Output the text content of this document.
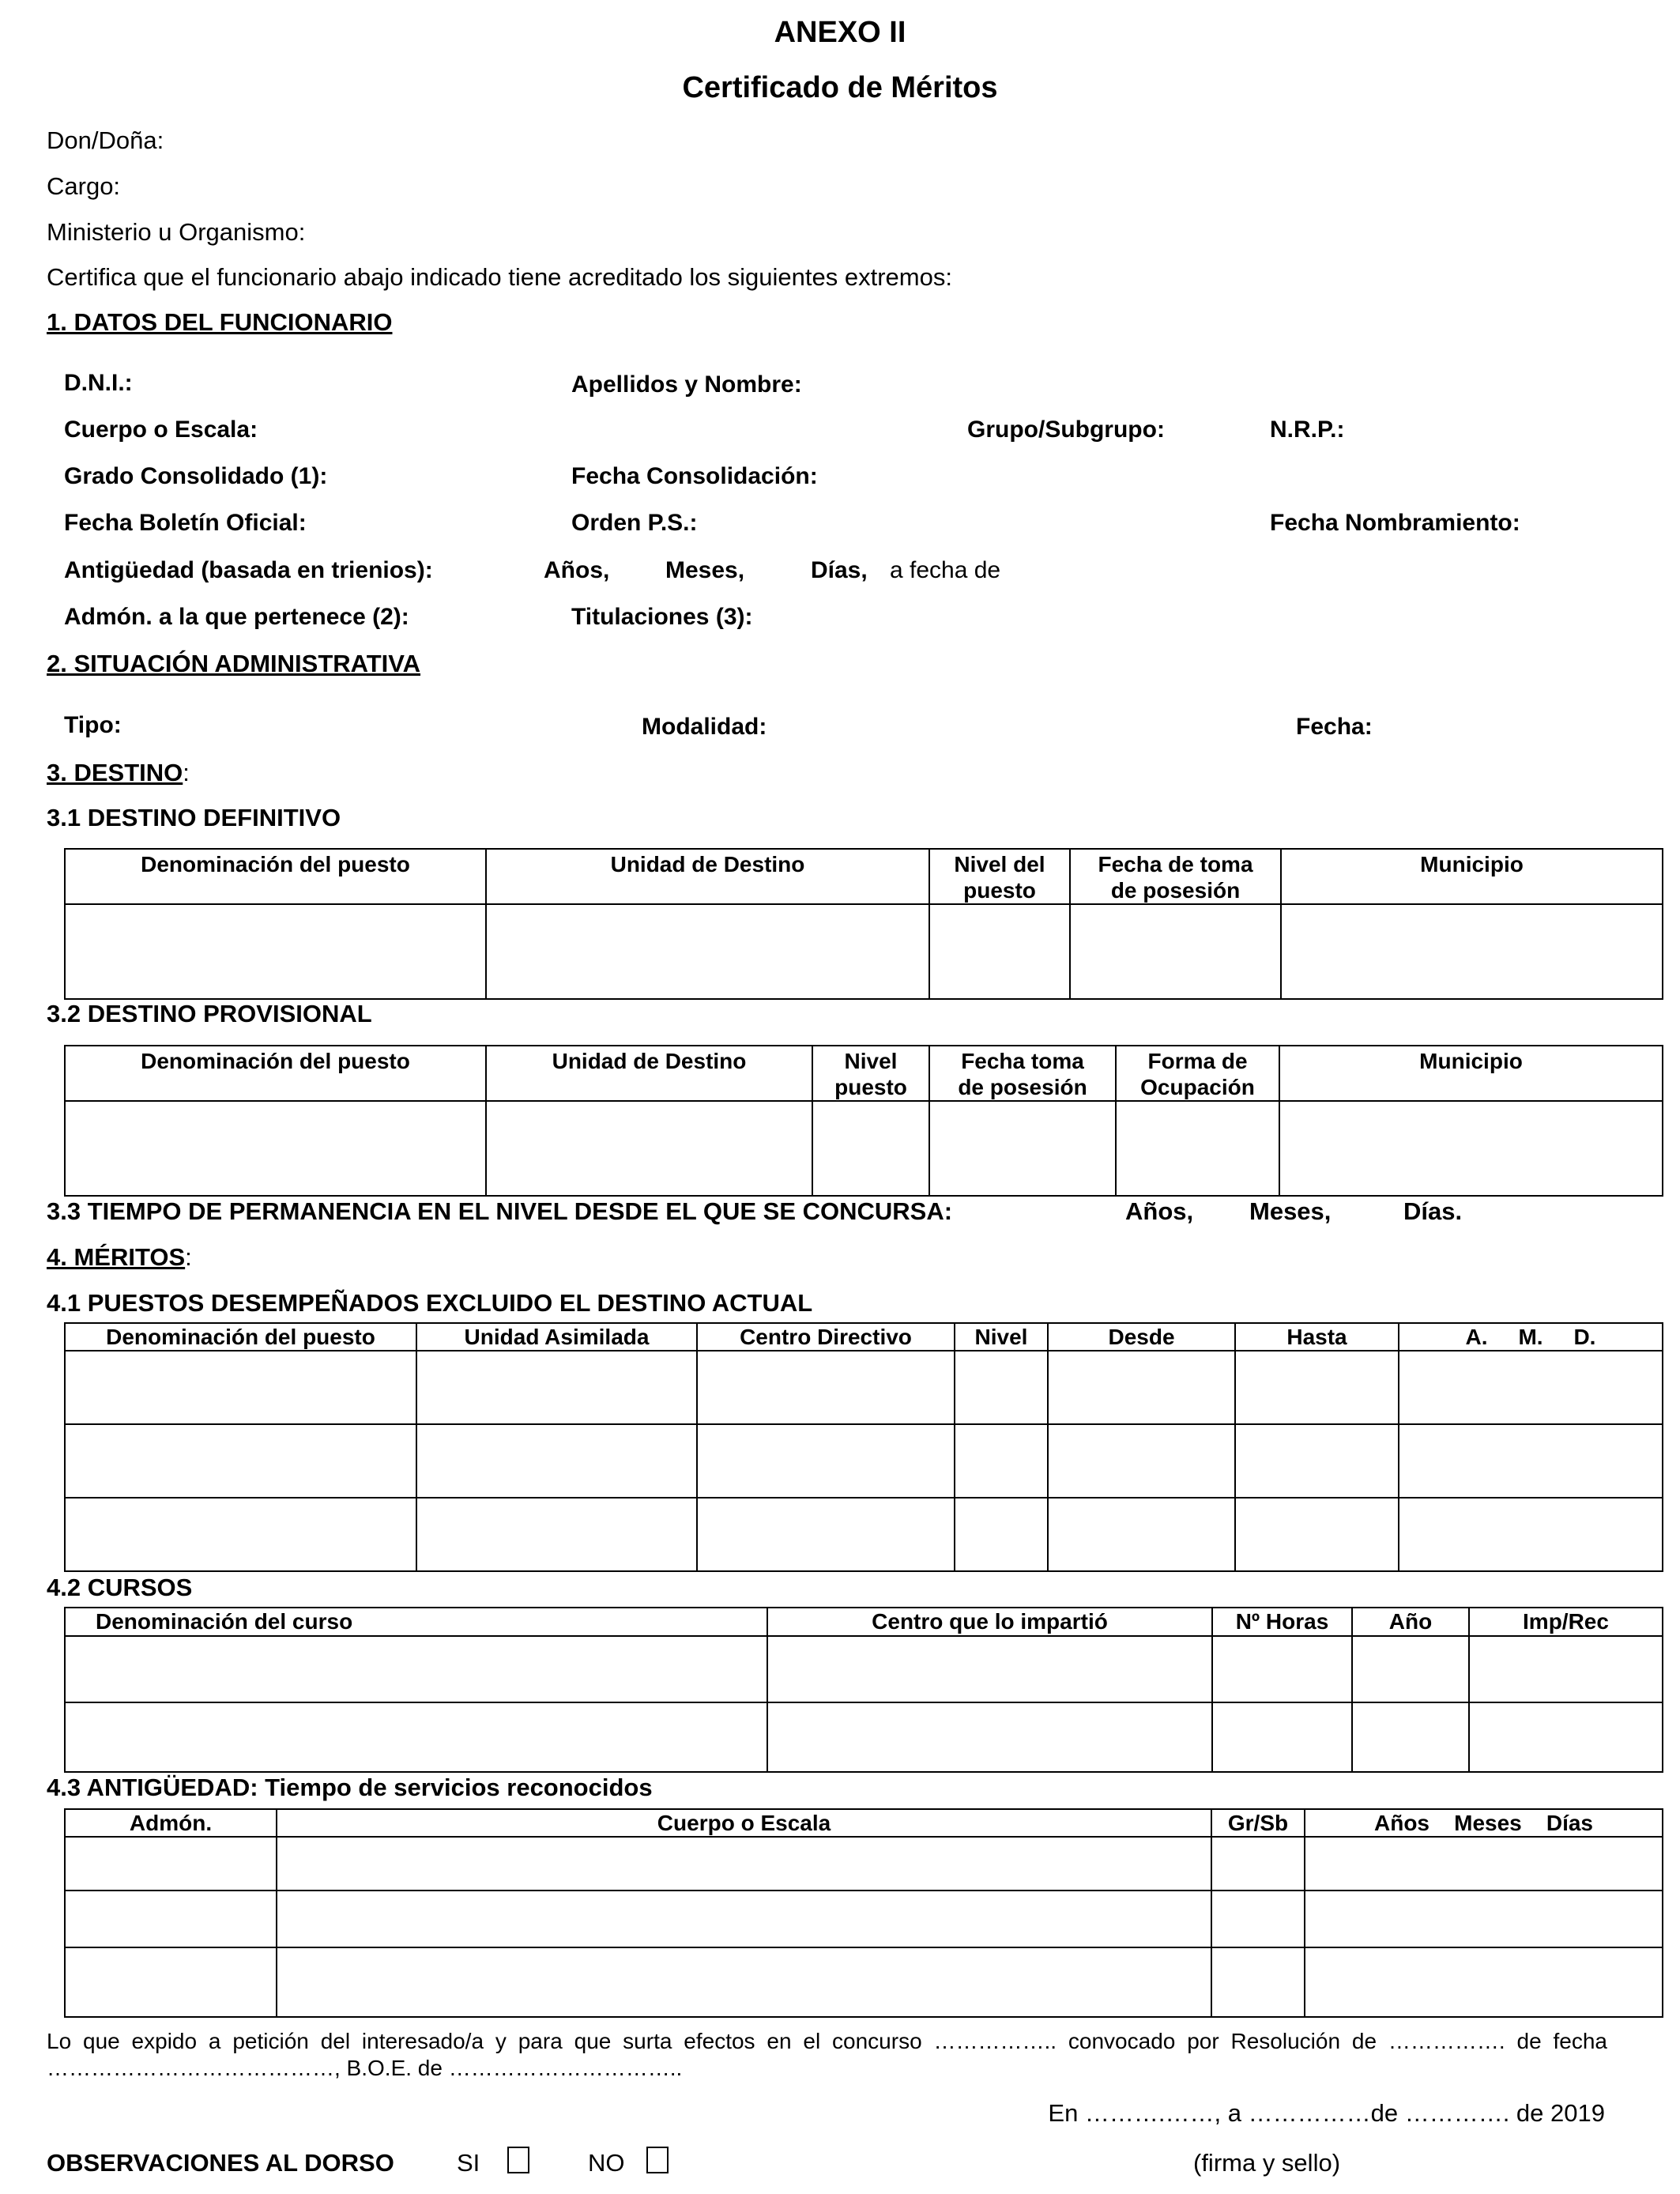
ANEXO II
Certificado de Méritos
Don/Doña:
Cargo:
Ministerio u Organismo:
Certifica que el funcionario abajo indicado tiene acreditado los siguientes extremos:
1. DATOS DEL FUNCIONARIO
D.N.I.:	Apellidos y Nombre:
Cuerpo o Escala:	Grupo/Subgrupo:	N.R.P.:
Grado Consolidado (1):	Fecha Consolidación:
Fecha Boletín Oficial:	Orden P.S.:	Fecha Nombramiento:
Antigüedad (basada en trienios):	Años, Meses,	Días, a fecha de
Admón. a la que pertenece (2):	Titulaciones (3):
2. SITUACIÓN ADMINISTRATIVA
Tipo:	Modalidad:	Fecha:
3. DESTINO:
3.1 DESTINO DEFINITIVO
Denominación del puesto	Unidad de Destino	Nivel del puesto	Fecha de toma de posesión	Municipio

3.2 DESTINO PROVISIONAL
Denominación del puesto	Unidad de Destino	Nivel puesto	Fecha toma de posesión	Forma de Ocupación	Municipio

3.3 TIEMPO DE PERMANENCIA EN EL NIVEL DESDE EL QUE SE CONCURSA:	Años, Meses,	Días.
4. MÉRITOS:
4.1 PUESTOS DESEMPEÑADOS EXCLUIDO EL DESTINO ACTUAL
Denominación del puesto	Unidad Asimilada	Centro Directivo	Nivel	Desde	Hasta	A.     M.     D.

4.2 CURSOS
Denominación del curso	Centro que lo impartió	Nº Horas	Año	Imp/Rec

4.3 ANTIGÜEDAD: Tiempo de servicios reconocidos
Admón.	Cuerpo o Escala	Gr/Sb	Años    Meses    Días

Lo que expido a petición del interesado/a y para que surta efectos en el concurso …………….. convocado por Resolución de ……………. de fecha
…………………………………, B.O.E. de …………………………..
En ……….……, a ……………de …………. de 2019
OBSERVACIONES AL DORSO	SI	NO	(firma y sello)
